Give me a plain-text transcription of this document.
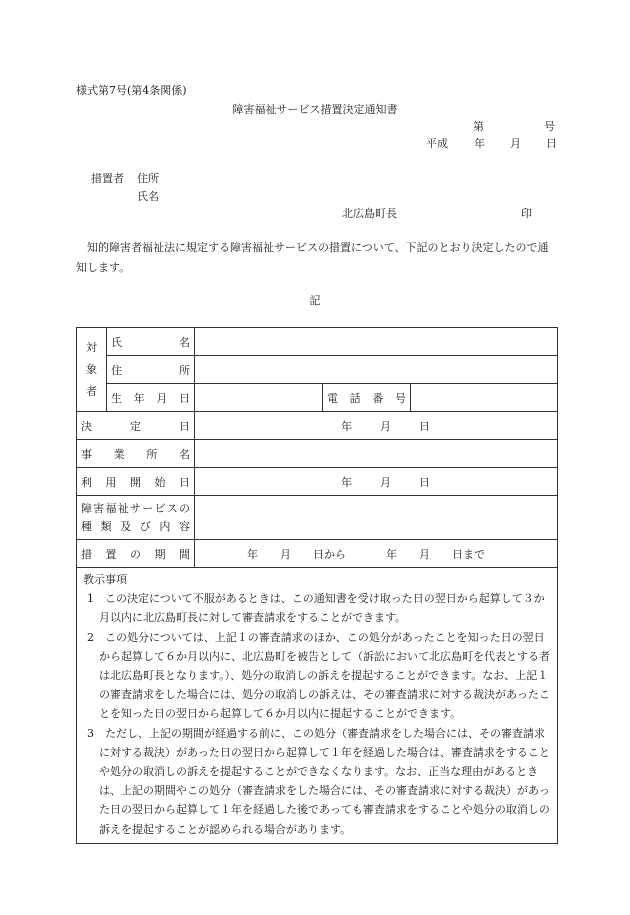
様式第7号(第4条関係)
障害福祉サービス措置決定通知書
第	号
平成 年 月 日
措置者 住所
氏名
北広島町長	印
知的障害者福祉法に規定する障害福祉サービスの措置について、下記のとおり決定したので通知します。
記
対
象
者	氏名			
	住所			
	生年月日		電話番号	
決定日		年 月 日		
事業所名				
利用開始日		年 月 日		

障害福祉サービスの
種類及び内容				

措置の期間		年　　月　　日から 年　　月　　日まで		

教示事項

1　この決定について不服があるときは、この通知書を受け取った日の翌日から起算して３か月以内に北広島町長に対して審査請求をすることができます。

2　この処分については、上記１の審査請求のほか、この処分があったことを知った日の翌日から起算して６か月以内に、北広島町を被告として（訴訟において北広島町を代表とする者は北広島町長となります。）、処分の取消しの訴えを提起することができます。なお、上記１の審査請求をした場合には、処分の取消しの訴えは、その審査請求に対する裁決があったことを知った日の翌日から起算して６か月以内に提起することができます。

3　ただし、上記の期間が経過する前に、この処分（審査請求をした場合には、その審査請求に対する裁決）があった日の翌日から起算して１年を経過した場合は、審査請求をすることや処分の取消しの訴えを提起することができなくなります。なお、正当な理由があるときは、上記の期間やこの処分（審査請求をした場合には、その審査請求に対する裁決）があった日の翌日から起算して１年を経過した後であっても審査請求をすることや処分の取消しの訴えを提起することが認められる場合があります。				
